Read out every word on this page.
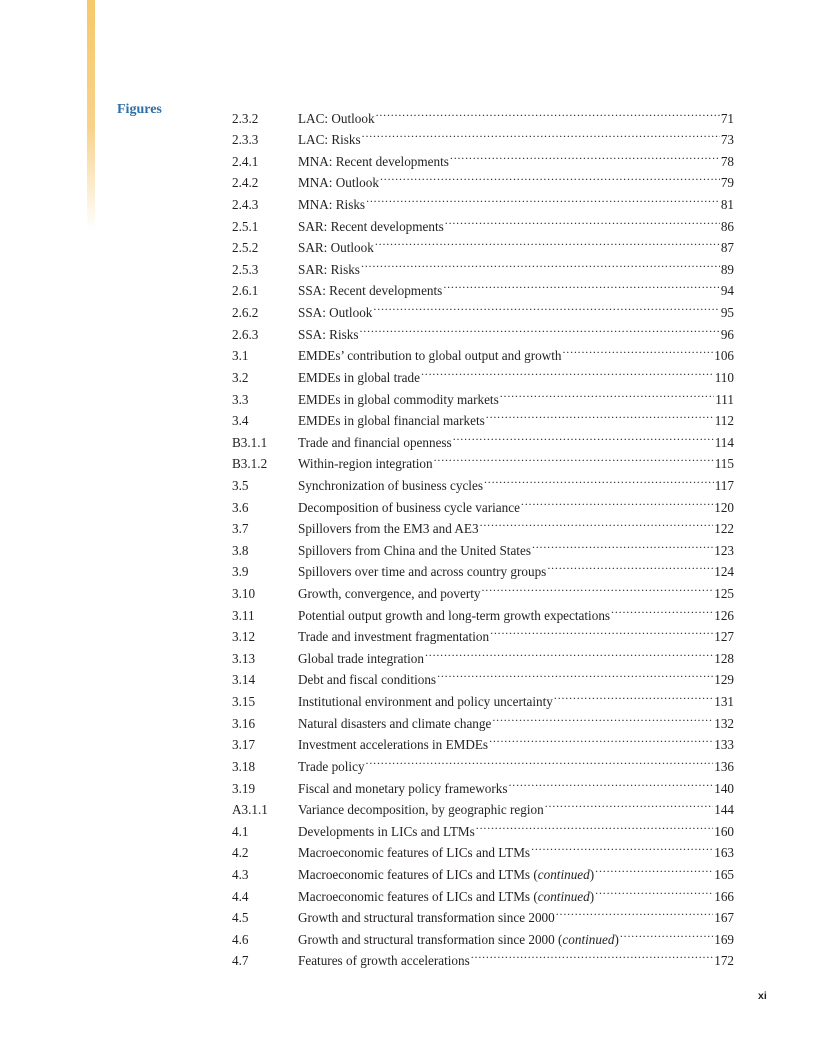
Figures
2.3.2	LAC: Outlook .....	71
2.3.3	LAC: Risks .....	73
2.4.1	MNA: Recent developments .....	78
2.4.2	MNA: Outlook .....	79
2.4.3	MNA: Risks .....	81
2.5.1	SAR: Recent developments .....	86
2.5.2	SAR: Outlook .....	87
2.5.3	SAR: Risks .....	89
2.6.1	SSA: Recent developments .....	94
2.6.2	SSA: Outlook .....	95
2.6.3	SSA: Risks .....	96
3.1	EMDEs’ contribution to global output and growth .....	106
3.2	EMDEs in global trade .....	110
3.3	EMDEs in global commodity markets .....	111
3.4	EMDEs in global financial markets .....	112
B3.1.1	Trade and financial openness .....	114
B3.1.2	Within-region integration .....	115
3.5	Synchronization of business cycles .....	117
3.6	Decomposition of business cycle variance .....	120
3.7	Spillovers from the EM3 and AE3 .....	122
3.8	Spillovers from China and the United States .....	123
3.9	Spillovers over time and across country groups .....	124
3.10	Growth, convergence, and poverty .....	125
3.11	Potential output growth and long-term growth expectations .....	126
3.12	Trade and investment fragmentation .....	127
3.13	Global trade integration .....	128
3.14	Debt and fiscal conditions .....	129
3.15	Institutional environment and policy uncertainty .....	131
3.16	Natural disasters and climate change .....	132
3.17	Investment accelerations in EMDEs .....	133
3.18	Trade policy .....	136
3.19	Fiscal and monetary policy frameworks .....	140
A3.1.1	Variance decomposition, by geographic region .....	144
4.1	Developments in LICs and LTMs .....	160
4.2	Macroeconomic features of LICs and LTMs .....	163
4.3	Macroeconomic features of LICs and LTMs (continued) .....	165
4.4	Macroeconomic features of LICs and LTMs (continued) .....	166
4.5	Growth and structural transformation since 2000 .....	167
4.6	Growth and structural transformation since 2000 (continued) .....	169
4.7	Features of growth accelerations .....	172
xi
